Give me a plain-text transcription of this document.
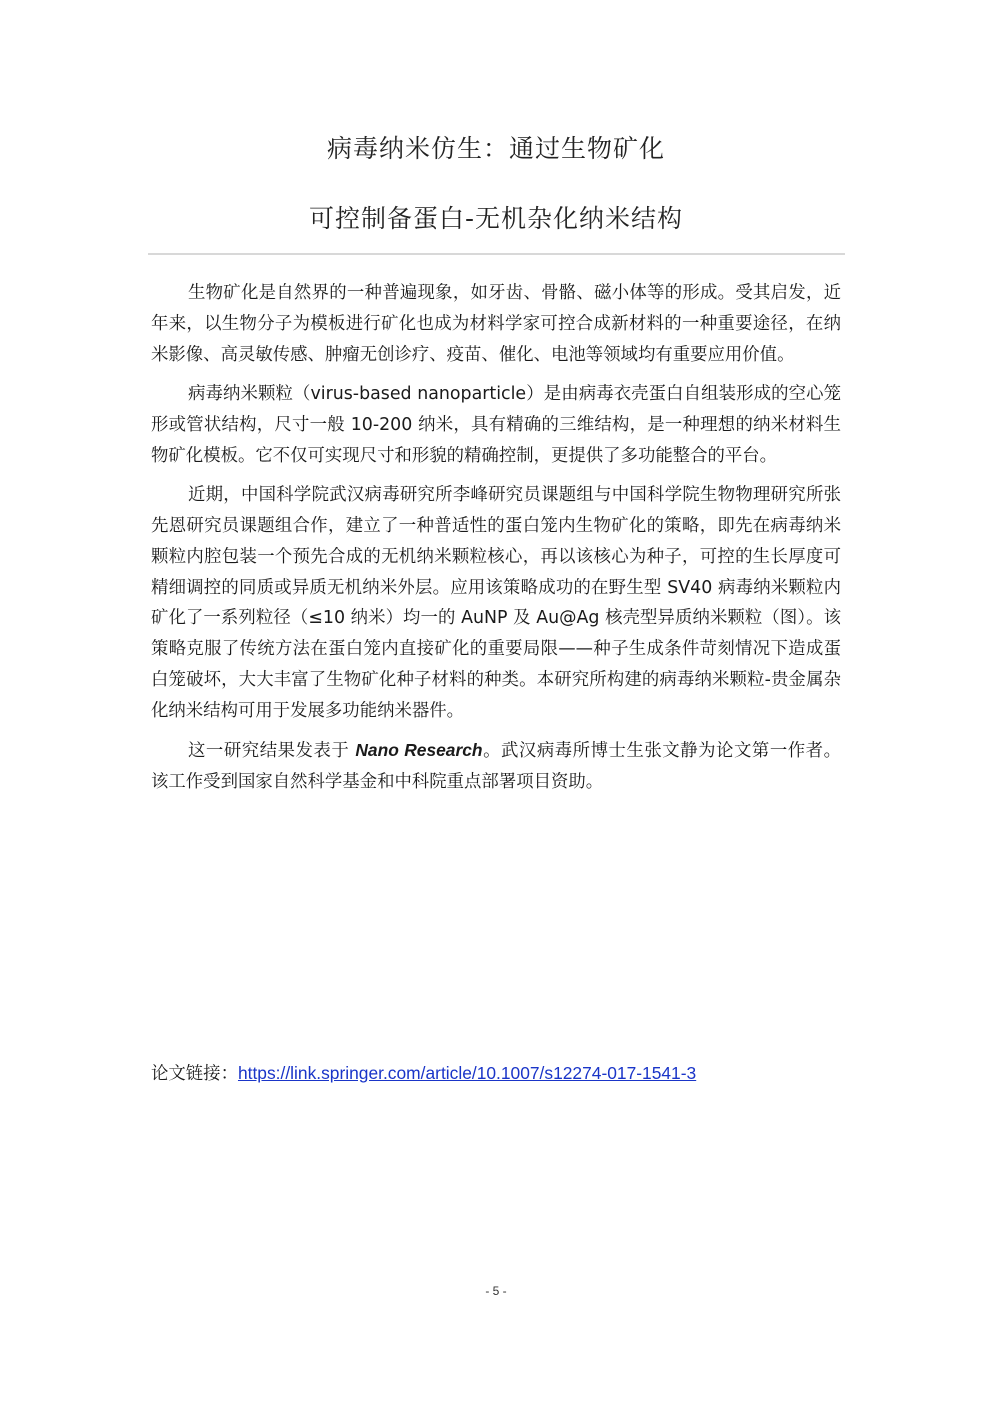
病毒纳米仿生：通过生物矿化
可控制备蛋白-无机杂化纳米结构

生物矿化是自然界的一种普遍现象，如牙齿、骨骼、磁小体等的形成。受其启发，近年来，以生物分子为模板进行矿化也成为材料学家可控合成新材料的一种重要途径，在纳米影像、高灵敏传感、肿瘤无创诊疗、疫苗、催化、电池等领域均有重要应用价值。

病毒纳米颗粒（virus-based nanoparticle）是由病毒衣壳蛋白自组装形成的空心笼形或管状结构，尺寸一般 10-200 纳米，具有精确的三维结构，是一种理想的纳米材料生物矿化模板。它不仅可实现尺寸和形貌的精确控制，更提供了多功能整合的平台。

近期，中国科学院武汉病毒研究所李峰研究员课题组与中国科学院生物物理研究所张先恩研究员课题组合作，建立了一种普适性的蛋白笼内生物矿化的策略，即先在病毒纳米颗粒内腔包装一个预先合成的无机纳米颗粒核心，再以该核心为种子，可控的生长厚度可精细调控的同质或异质无机纳米外层。应用该策略成功的在野生型 SV40 病毒纳米颗粒内矿化了一系列粒径（≤10 纳米）均一的 AuNP 及 Au@Ag 核壳型异质纳米颗粒（图）。该策略克服了传统方法在蛋白笼内直接矿化的重要局限——种子生成条件苛刻情况下造成蛋白笼破坏，大大丰富了生物矿化种子材料的种类。本研究所构建的病毒纳米颗粒-贵金属杂化纳米结构可用于发展多功能纳米器件。

这一研究结果发表于 Nano Research。武汉病毒所博士生张文静为论文第一作者。该工作受到国家自然科学基金和中科院重点部署项目资助。

论文链接：https://link.springer.com/article/10.1007/s12274-017-1541-3
- 5 -
